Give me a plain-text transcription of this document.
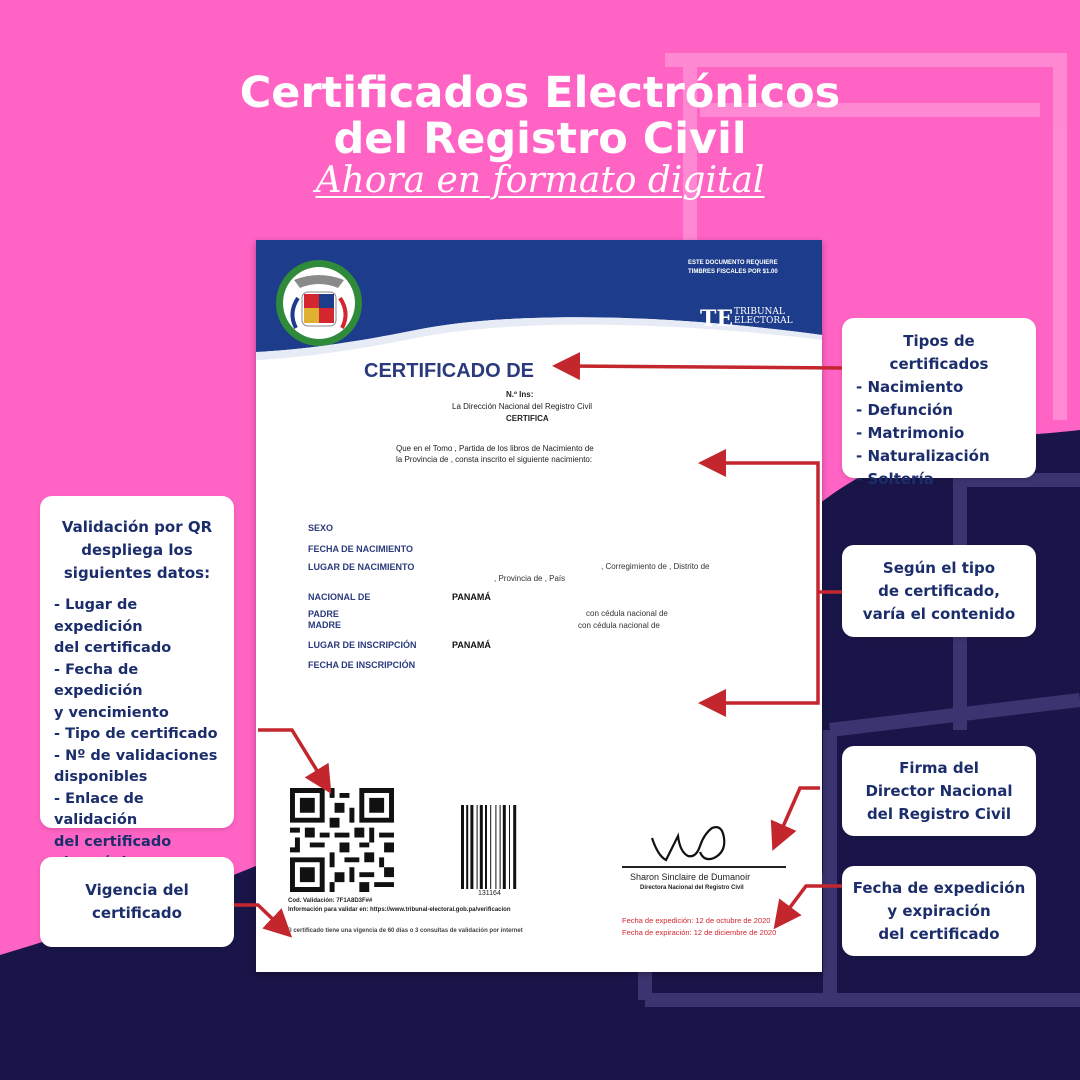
Certificados Electrónicos
del Registro Civil
Ahora en formato digital
ESTE DOCUMENTO REQUIERE
TIMBRES FISCALES POR $1.00
TE TRIBUNAL
ELECTORAL
CERTIFICADO DE
N.º Ins:
La Dirección Nacional del Registro Civil
CERTIFICA
Que en el Tomo , Partida de los libros de Nacimiento de
la Provincia de , consta inscrito el siguiente nacimiento:
SEXO
FECHA DE NACIMIENTO
LUGAR DE NACIMIENTO	, Corregimiento de , Distrito de
, Provincia de , País
NACIONAL DE	PANAMÁ
PADRE	con cédula nacional de
MADRE	con cédula nacional de
LUGAR DE INSCRIPCIÓN	PANAMÁ
FECHA DE INSCRIPCIÓN
131164
Sharon Sinclaire de Dumanoir
Directora Nacional del Registro Civil
Cod. Validación: 7F1A8D3F##
Información para validar en: https://www.tribunal-electoral.gob.pa/verificacion
El certificado tiene una vigencia de 60 días o 3 consultas de validación por internet
Fecha de expedición: 12 de octubre de 2020
Fecha de expiración: 12 de diciembre de 2020
Tipos de certificados
- Nacimiento
- Defunción
- Matrimonio
- Naturalización
- Soltería
Según el tipo
de certificado,
varía el contenido
Firma del
Director Nacional
del Registro Civil
Fecha de expedición
y expiración
del certificado
Validación por QR
despliega los
siguientes datos:
- Lugar de expedición
del certificado
- Fecha de expedición
y vencimiento
- Tipo de certificado
- Nº de validaciones
disponibles
- Enlace de validación
del certificado
Vigencia del
certificado
